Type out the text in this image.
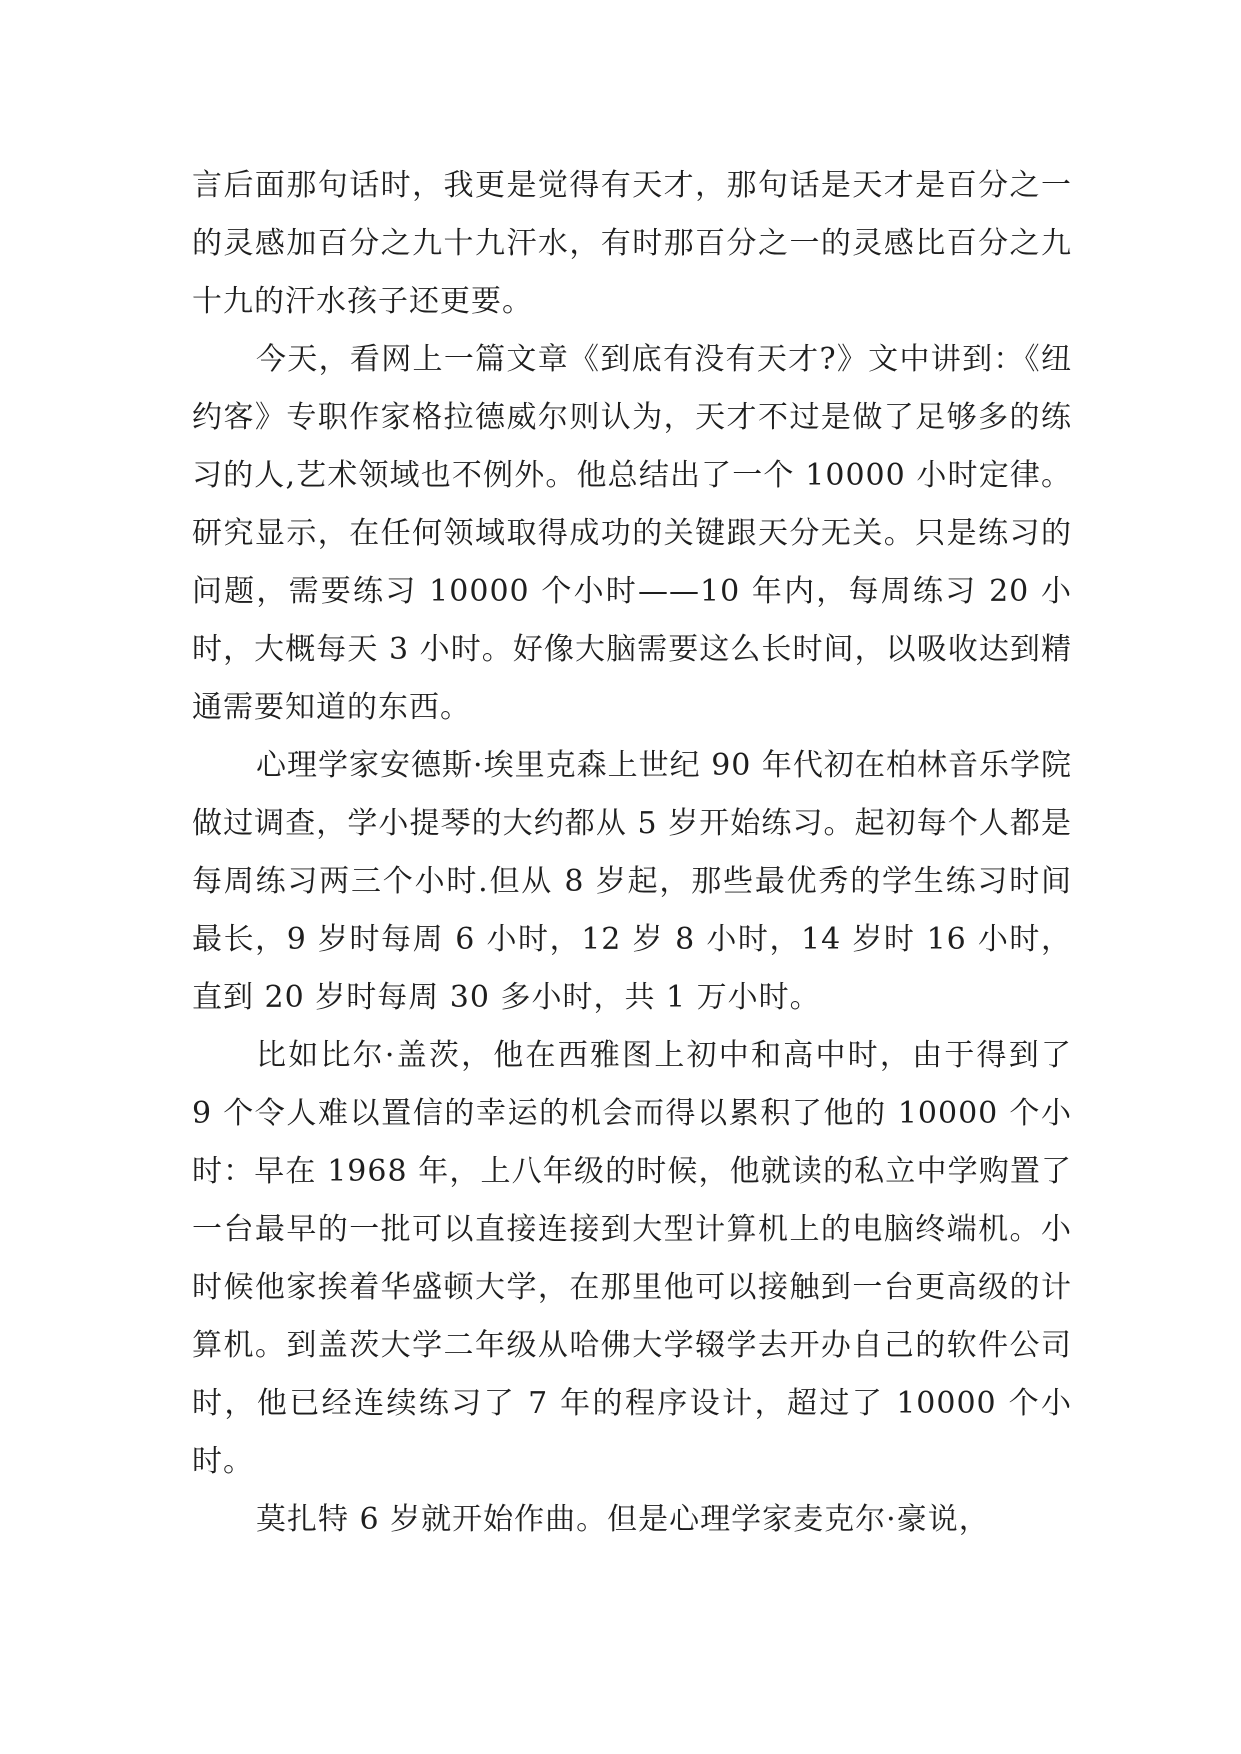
言后面那句话时，我更是觉得有天才，那句话是天才是百分之一的灵感加百分之九十九汗水，有时那百分之一的灵感比百分之九十九的汗水孩子还更要。

今天，看网上一篇文章《到底有没有天才?》文中讲到：《纽约客》专职作家格拉德威尔则认为，天才不过是做了足够多的练习的人,艺术领域也不例外。他总结出了一个 10000 小时定律。研究显示，在任何领域取得成功的关键跟天分无关。只是练习的问题，需要练习 10000 个小时——10 年内，每周练习 20 小时，大概每天 3 小时。好像大脑需要这么长时间，以吸收达到精通需要知道的东西。

心理学家安德斯·埃里克森上世纪 90 年代初在柏林音乐学院做过调查，学小提琴的大约都从 5 岁开始练习。起初每个人都是每周练习两三个小时.但从 8 岁起，那些最优秀的学生练习时间最长，9 岁时每周 6 小时，12 岁 8 小时，14 岁时 16 小时，直到 20 岁时每周 30 多小时，共 1 万小时。

比如比尔·盖茨，他在西雅图上初中和高中时，由于得到了 9 个令人难以置信的幸运的机会而得以累积了他的 10000 个小时：早在 1968 年，上八年级的时候，他就读的私立中学购置了一台最早的一批可以直接连接到大型计算机上的电脑终端机。小时候他家挨着华盛顿大学，在那里他可以接触到一台更高级的计算机。到盖茨大学二年级从哈佛大学辍学去开办自己的软件公司时，他已经连续练习了 7 年的程序设计，超过了 10000 个小时。

莫扎特 6 岁就开始作曲。但是心理学家麦克尔·豪说，
